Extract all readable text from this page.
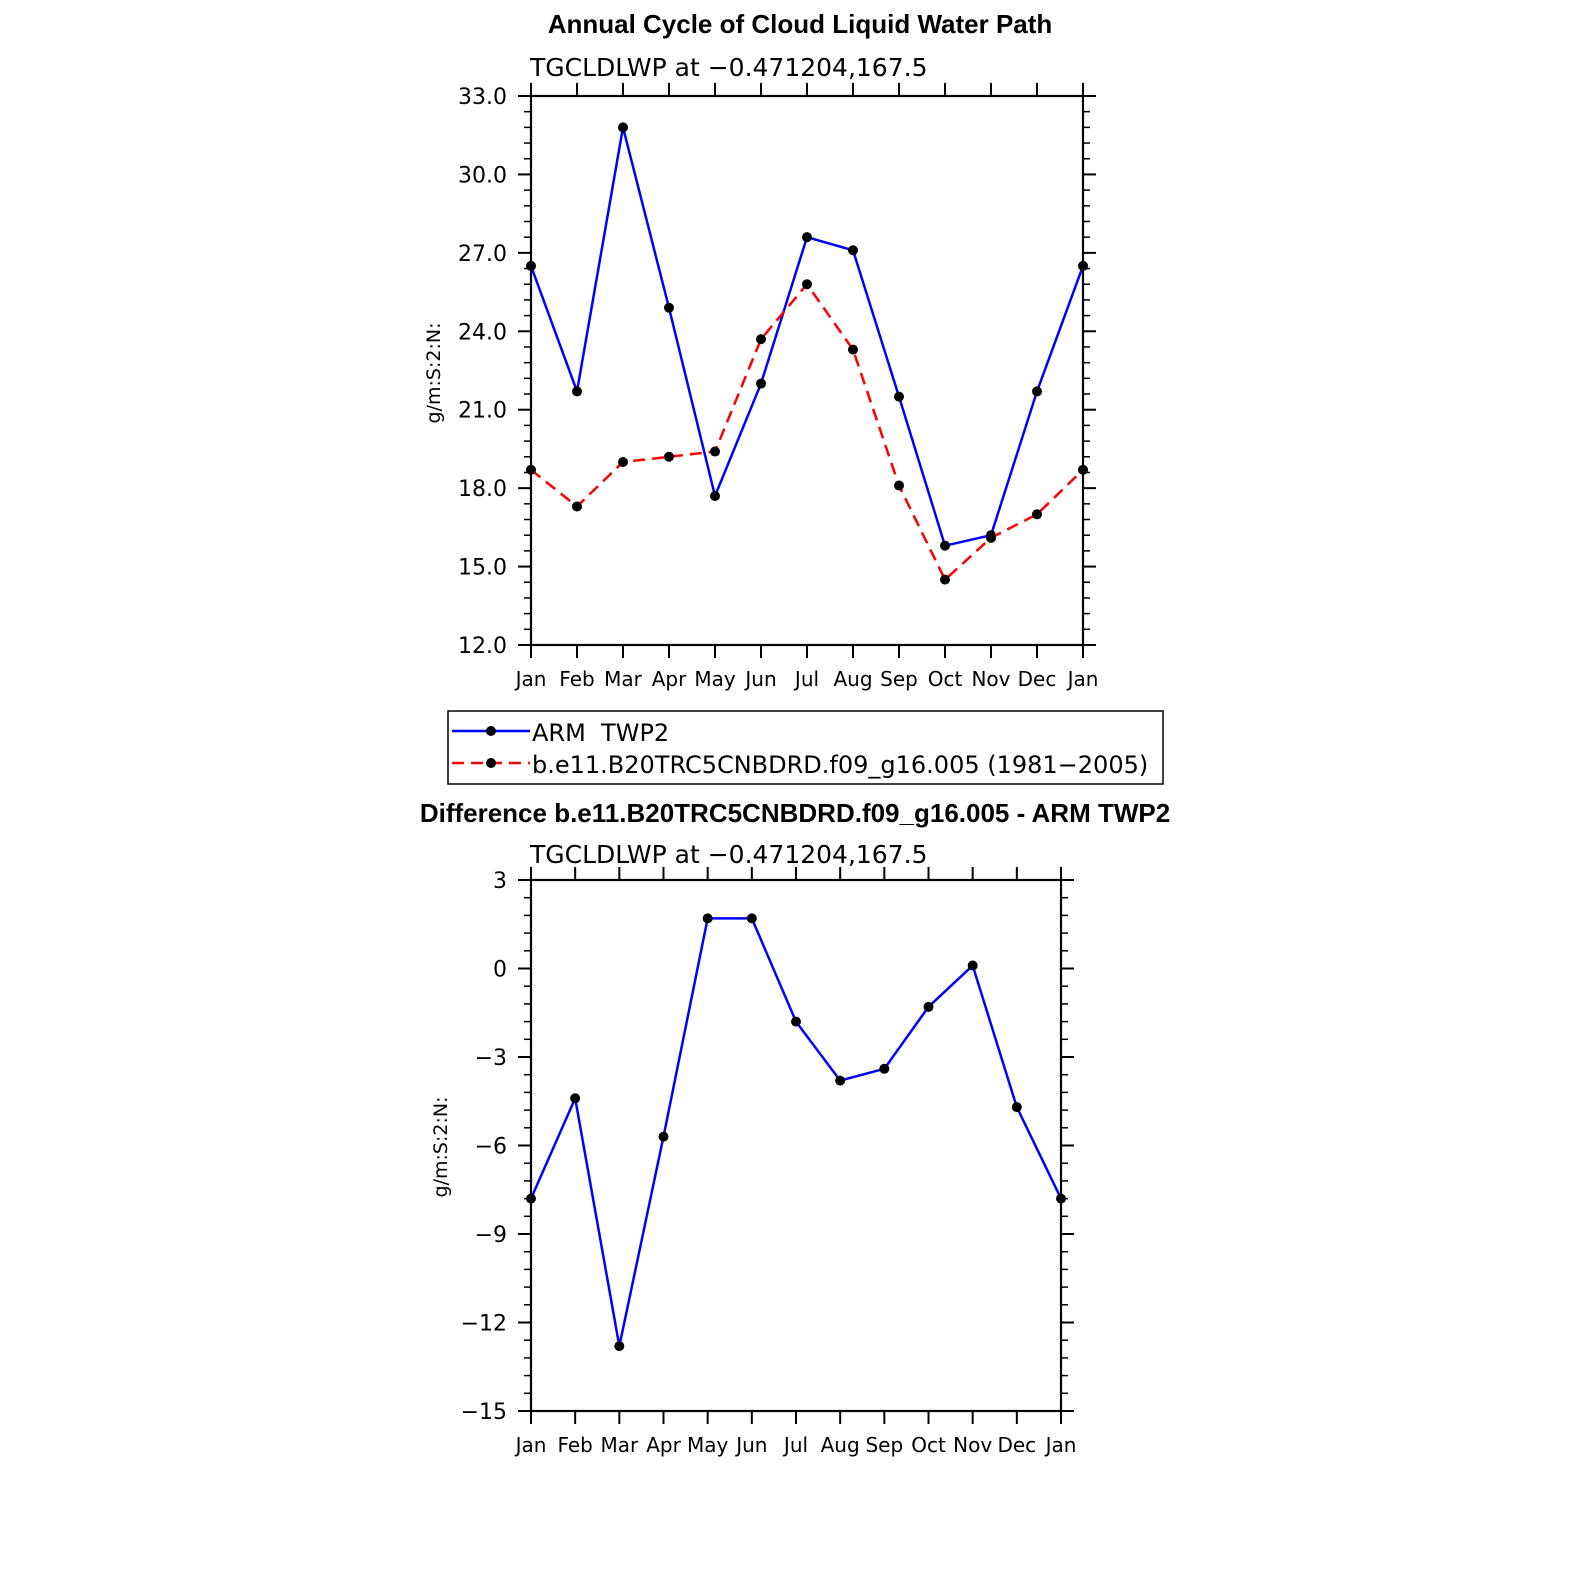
Annual Cycle of Cloud Liquid Water Path
TGCLDLWP at −0.471204,167.5
g/m:S:2:N:
12.0
15.0
18.0
21.0
24.0
27.0
30.0
33.0
Jan Feb Mar Apr May Jun Jul Aug Sep Oct Nov Dec Jan
ARM  TWP2
b.e11.B20TRC5CNBDRD.f09_g16.005 (1981−2005)
Difference b.e11.B20TRC5CNBDRD.f09_g16.005 - ARM TWP2
TGCLDLWP at −0.471204,167.5
g/m:S:2:N:
−15
−12
−9
−6
−3
0
3
Jan Feb Mar Apr May Jun Jul Aug Sep Oct Nov Dec Jan
